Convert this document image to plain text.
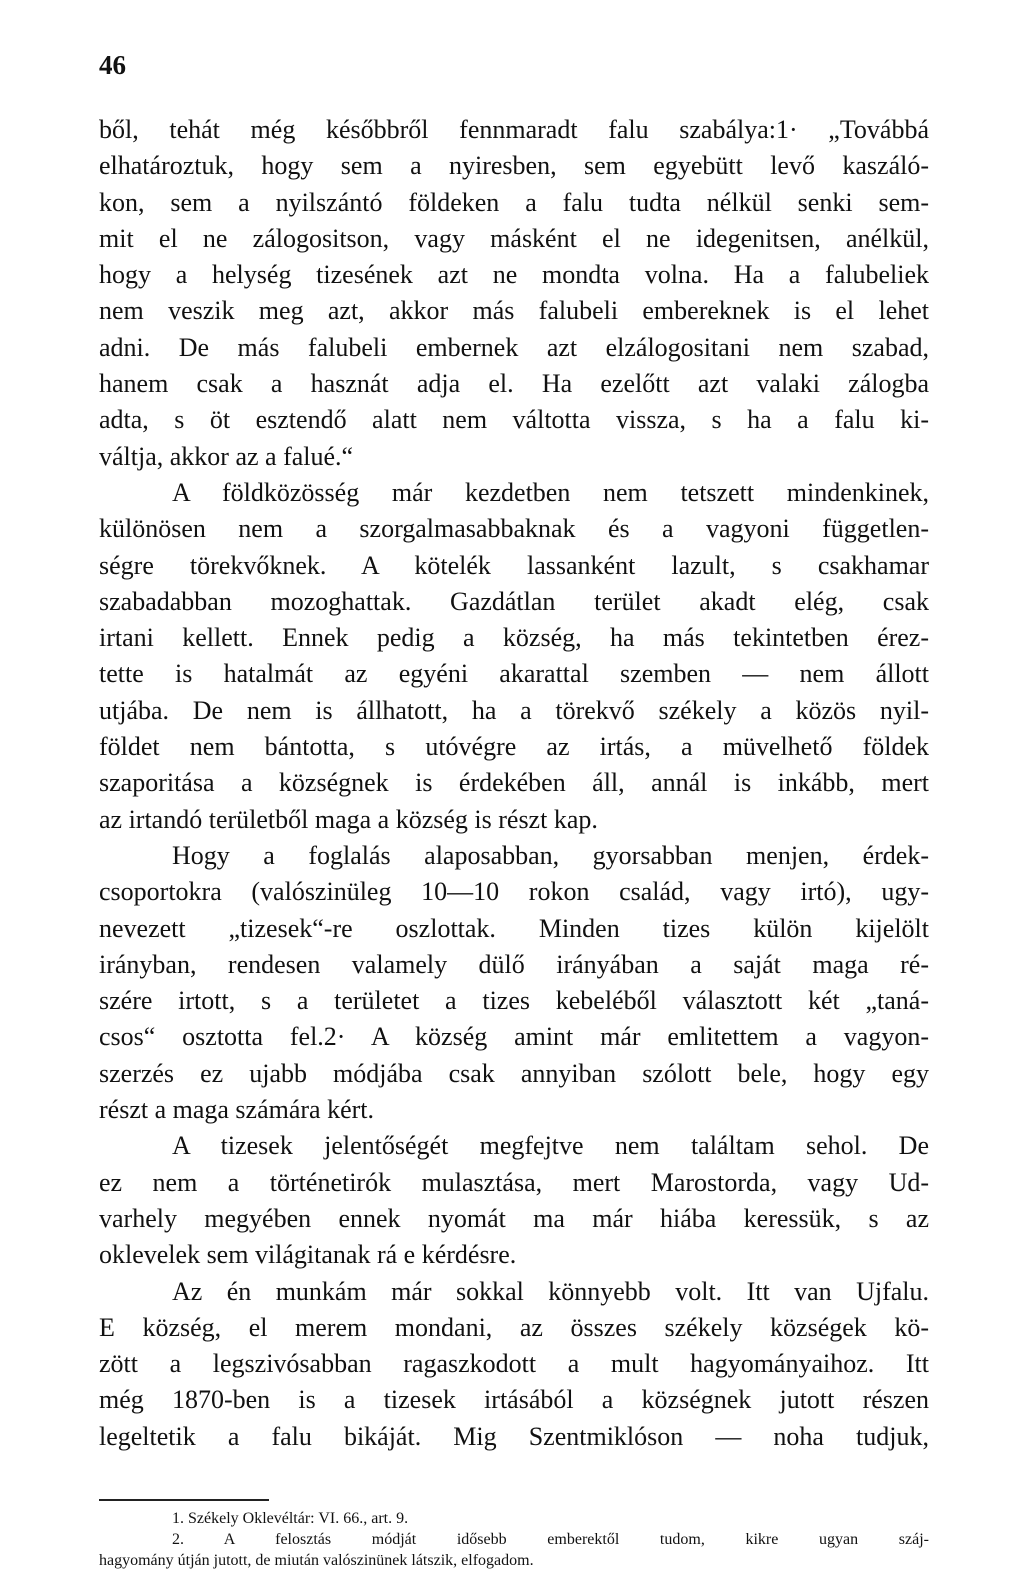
46
ből, tehát még későbbről fennmaradt falu szabálya:1· „Továbbá
elhatároztuk, hogy sem a nyiresben, sem egyebütt levő kaszáló-
kon, sem a nyilszántó földeken a falu tudta nélkül senki sem-
mit el ne zálogositson, vagy másként el ne idegenitsen, anélkül,
hogy a helység tizesének azt ne mondta volna. Ha a falubeliek
nem veszik meg azt, akkor más falubeli embereknek is el lehet
adni. De más falubeli embernek azt elzálogositani nem szabad,
hanem csak a hasznát adja el. Ha ezelőtt azt valaki zálogba
adta, s öt esztendő alatt nem váltotta vissza, s ha a falu ki-
váltja, akkor az a falué.“
A földközösség már kezdetben nem tetszett mindenkinek,
különösen nem a szorgalmasabbaknak és a vagyoni független-
ségre törekvőknek. A kötelék lassanként lazult, s csakhamar
szabadabban mozoghattak. Gazdátlan terület akadt elég, csak
irtani kellett. Ennek pedig a község, ha más tekintetben érez-
tette is hatalmát az egyéni akarattal szemben — nem állott
utjába. De nem is állhatott, ha a törekvő székely a közös nyil-
földet nem bántotta, s utóvégre az irtás, a müvelhető földek
szaporitása a községnek is érdekében áll, annál is inkább, mert
az irtandó területből maga a község is részt kap.
Hogy a foglalás alaposabban, gyorsabban menjen, érdek-
csoportokra (valószinüleg 10—10 rokon család, vagy irtó), ugy-
nevezett „tizesek“-re oszlottak. Minden tizes külön kijelölt
irányban, rendesen valamely dülő irányában a saját maga ré-
szére irtott, s a területet a tizes kebeléből választott két „taná-
csos“ osztotta fel.2· A község amint már emlitettem a vagyon-
szerzés ez ujabb módjába csak annyiban szólott bele, hogy egy
részt a maga számára kért.
A tizesek jelentőségét megfejtve nem találtam sehol. De
ez nem a történetirók mulasztása, mert Marostorda, vagy Ud-
varhely megyében ennek nyomát ma már hiába keressük, s az
oklevelek sem világitanak rá e kérdésre.
Az én munkám már sokkal könnyebb volt. Itt van Ujfalu.
E község, el merem mondani, az összes székely községek kö-
zött a legszivósabban ragaszkodott a mult hagyományaihoz. Itt
még 1870-ben is a tizesek irtásából a községnek jutott részen
legeltetik a falu bikáját. Mig Szentmiklóson — noha tudjuk,
1. Székely Oklevéltár: VI. 66., art. 9.
2. A felosztás módját idősebb emberektől tudom, kikre ugyan száj-
hagyomány útján jutott, de miután valószinünek látszik, elfogadom.
